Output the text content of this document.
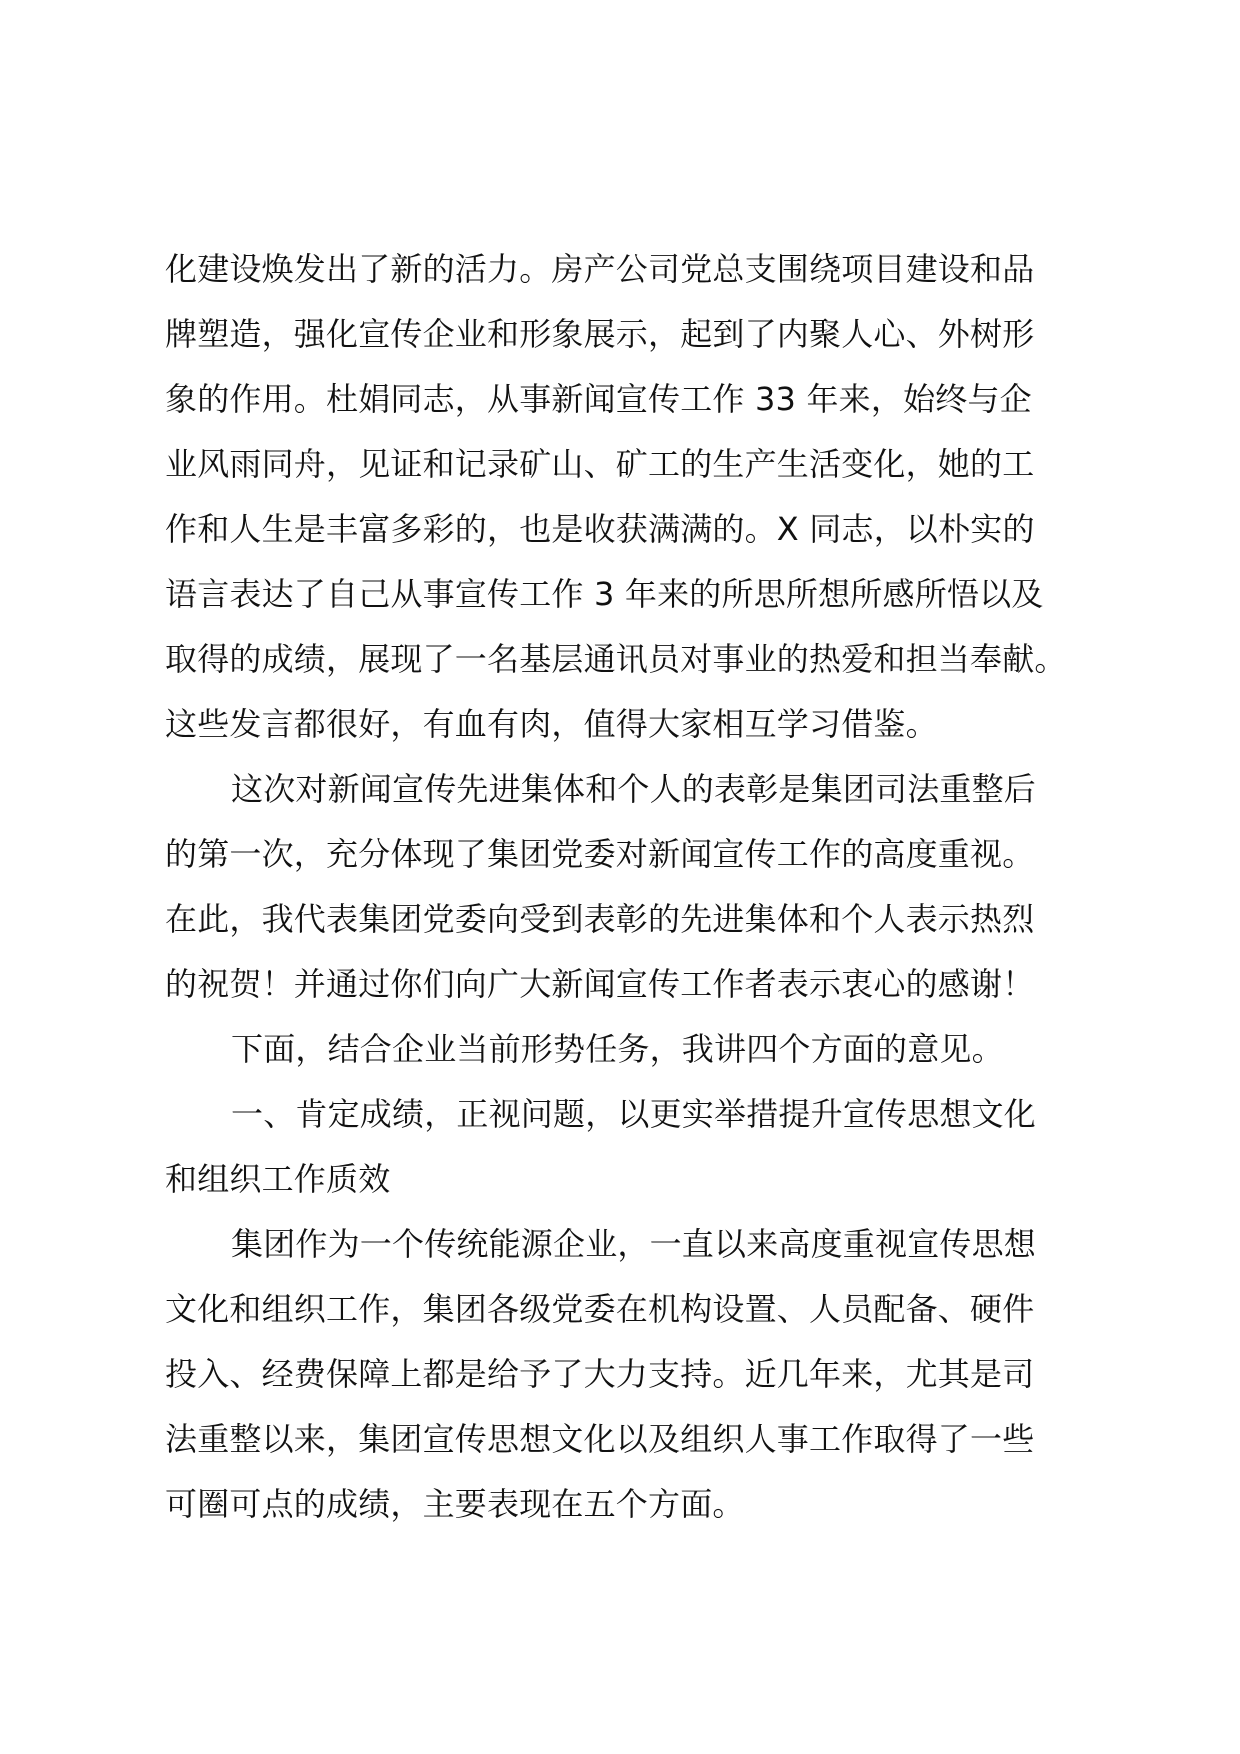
化建设焕发出了新的活力。房产公司党总支围绕项目建设和品
牌塑造，强化宣传企业和形象展示，起到了内聚人心、外树形
象的作用。杜娟同志，从事新闻宣传工作 33 年来，始终与企
业风雨同舟，见证和记录矿山、矿工的生产生活变化，她的工
作和人生是丰富多彩的，也是收获满满的。X 同志，以朴实的
语言表达了自己从事宣传工作 3 年来的所思所想所感所悟以及
取得的成绩，展现了一名基层通讯员对事业的热爱和担当奉献。
这些发言都很好，有血有肉，值得大家相互学习借鉴。
这次对新闻宣传先进集体和个人的表彰是集团司法重整后
的第一次，充分体现了集团党委对新闻宣传工作的高度重视。
在此，我代表集团党委向受到表彰的先进集体和个人表示热烈
的祝贺！并通过你们向广大新闻宣传工作者表示衷心的感谢！
下面，结合企业当前形势任务，我讲四个方面的意见。
一、肯定成绩，正视问题，以更实举措提升宣传思想文化
和组织工作质效
集团作为一个传统能源企业，一直以来高度重视宣传思想
文化和组织工作，集团各级党委在机构设置、人员配备、硬件
投入、经费保障上都是给予了大力支持。近几年来，尤其是司
法重整以来，集团宣传思想文化以及组织人事工作取得了一些
可圈可点的成绩，主要表现在五个方面。
